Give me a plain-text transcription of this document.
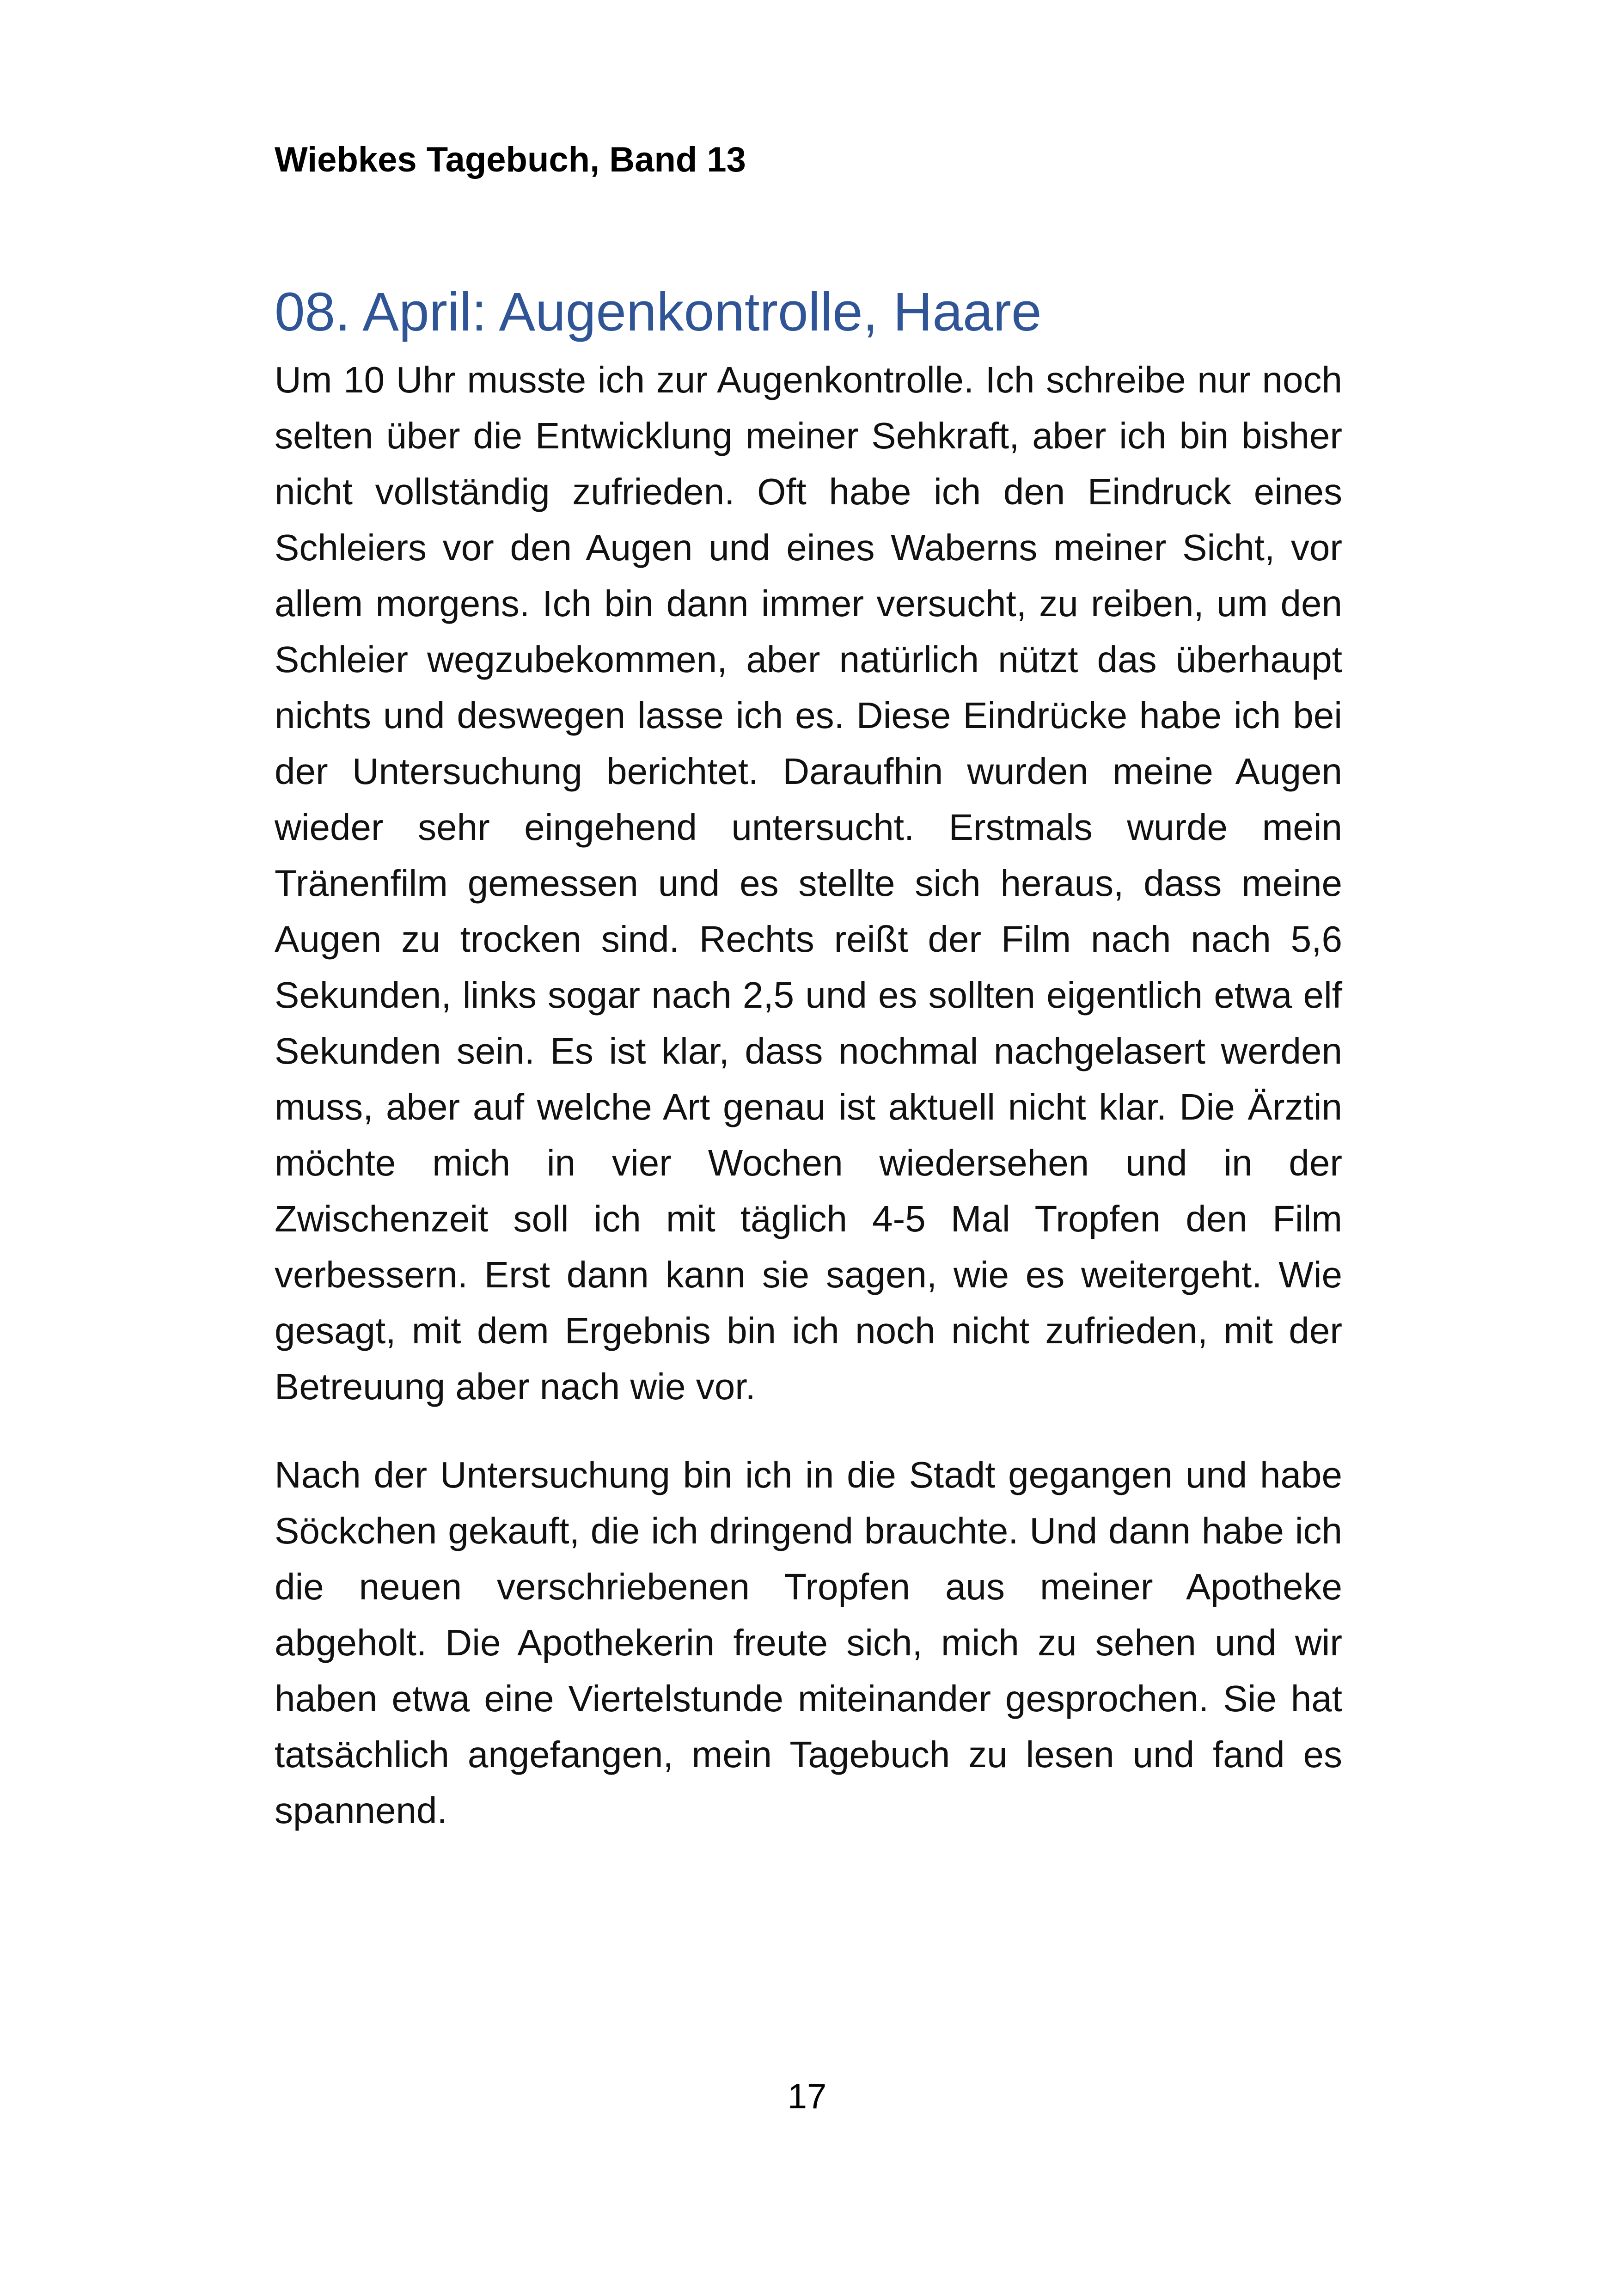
Wiebkes Tagebuch, Band 13
08. April: Augenkontrolle, Haare

Um 10 Uhr musste ich zur Augenkontrolle. Ich schreibe nur noch selten über die Entwicklung meiner Sehkraft, aber ich bin bisher nicht vollständig zufrieden. Oft habe ich den Eindruck eines Schleiers vor den Augen und eines Waberns meiner Sicht, vor allem morgens. Ich bin dann immer versucht, zu reiben, um den Schleier wegzubekommen, aber natürlich nützt das überhaupt nichts und deswegen lasse ich es. Diese Eindrücke habe ich bei der Untersuchung berichtet. Daraufhin wurden meine Augen wieder sehr eingehend untersucht. Erstmals wurde mein Tränenfilm gemessen und es stellte sich heraus, dass meine Augen zu trocken sind. Rechts reißt der Film nach nach 5,6 Sekunden, links sogar nach 2,5 und es sollten eigentlich etwa elf Sekunden sein. Es ist klar, dass nochmal nachgelasert werden muss, aber auf welche Art genau ist aktuell nicht klar. Die Ärztin möchte mich in vier Wochen wiedersehen und in der Zwischenzeit soll ich mit täglich 4-5 Mal Tropfen den Film verbessern. Erst dann kann sie sagen, wie es weitergeht. Wie gesagt, mit dem Ergebnis bin ich noch nicht zufrieden, mit der Betreuung aber nach wie vor.

Nach der Untersuchung bin ich in die Stadt gegangen und habe Söckchen gekauft, die ich dringend brauchte. Und dann habe ich die neuen verschriebenen Tropfen aus meiner Apotheke abgeholt. Die Apothekerin freute sich, mich zu sehen und wir haben etwa eine Viertelstunde miteinander gesprochen. Sie hat tatsächlich angefangen, mein Tagebuch zu lesen und fand es spannend.

17
